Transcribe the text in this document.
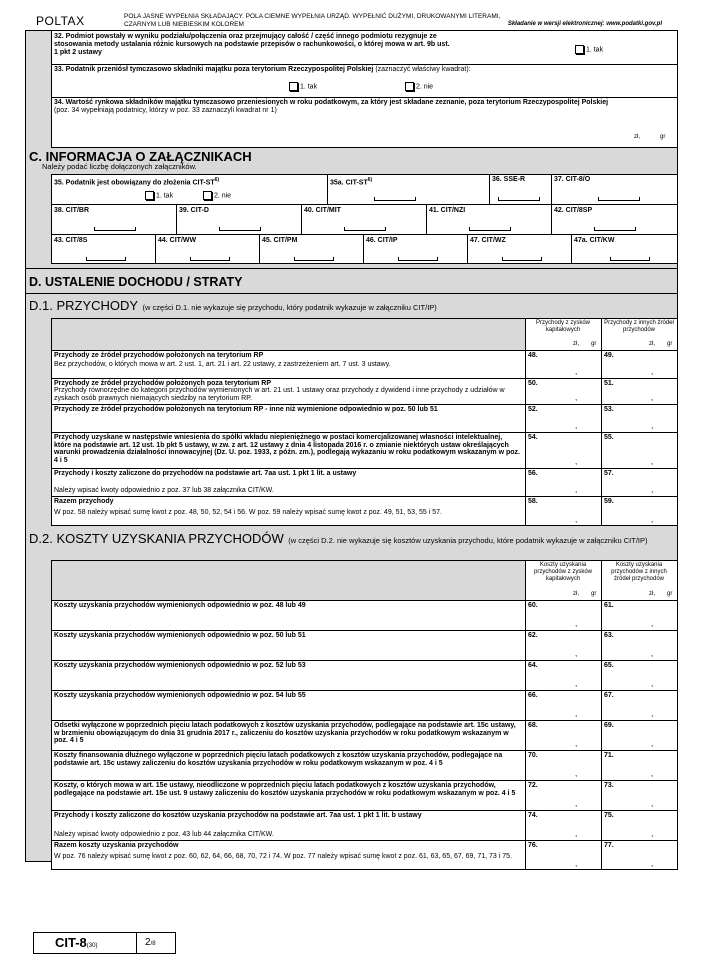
POLTAX	POLA JASNE WYPEŁNIA SKŁADAJĄCY. POLA CIEMNE WYPEŁNIA URZĄD. WYPEŁNIĆ DUŻYMI, DRUKOWANYMI LITERAMI, CZARNYM LUB NIEBIESKIM KOLOREM	Składanie w wersji elektronicznej: www.podatki.gov.pl
32. Podmiot powstały w wyniku podziału/połączenia oraz przejmujący całość / część innego podmiotu rezygnuje ze stosowania metody ustalania różnic kursowych na podstawie przepisów o rachunkowości, o której mowa w art. 9b ust. 1 pkt 2 ustawy	1. tak
33. Podatnik przeniósł tymczasowo składniki majątku poza terytorium Rzeczypospolitej Polskiej (zaznaczyć właściwy kwadrat):
1. tak	2. nie
34. Wartość rynkowa składników majątku tymczasowo przeniesionych w roku podatkowym, za który jest składane zeznanie, poza terytorium Rzeczypospolitej Polskiej (poz. 34 wypełniają podatnicy, którzy w poz. 33 zaznaczyli kwadrat nr 1)
zł,	gr
C. INFORMACJA O ZAŁĄCZNIKACH
Należy podać liczbę dołączonych załączników.
35. Podatnik jest obowiązany do złożenia CIT-ST$^{6)}$
1. tak	2. nie
35a. CIT-ST$^{6)}$	36. SSE-R	37. CIT-8/O
38. CIT/BR	39. CIT-D	40. CIT/MIT	41. CIT/NZI	42. CIT/8SP
43. CIT/8S	44. CIT/WW	45. CIT/PM	46. CIT/IP	47. CIT/WZ	47a. CIT/KW
D. USTALENIE DOCHODU / STRATY
D.1. PRZYCHODY (w części D.1. nie wykazuje się przychodu, który podatnik wykazuje w załączniku CIT/IP)
Przychody z zysków kapitałowych
Przychody z innych źródeł przychodów
zł, gr	zł, gr
Przychody ze źródeł przychodów położonych na terytorium RP
Bez przychodów, o których mowa w art. 2 ust. 1, art. 21 i art. 22 ustawy, z zastrzeżeniem art. 7 ust. 3 ustawy.
48.	49.
,	,
Przychody ze źródeł przychodów położonych poza terytorium RP
Przychody równorzędne do kategorii przychodów wymienionych w art. 21 ust. 1 ustawy oraz przychody z dywidend i inne przychody z udziałów w zyskach osób prawnych niemających siedziby na terytorium RP.
50.	51.
,	,
Przychody ze źródeł przychodów położonych na terytorium RP - inne niż wymienione odpowiednio w poz. 50 lub 51	52.	53.
,	,
Przychody uzyskane w następstwie wniesienia do spółki wkładu niepieniężnego w postaci komercjalizowanej własności intelektualnej, które na podstawie art. 12 ust. 1b pkt 5 ustawy, w zw. z art. 12 ustawy z dnia 4 listopada 2016 r. o zmianie niektórych ustaw określających warunki prowadzenia działalności innowacyjnej (Dz. U. poz. 1933, z późn. zm.), podlegają wykazaniu w roku podatkowym wskazanym w poz. 4 i 5
54.	55.
,	,
Przychody i koszty zaliczone do przychodów na podstawie art. 7aa ust. 1 pkt 1 lit. a ustawy
Należy wpisać kwoty odpowiednio z poz. 37 lub 38 załącznika CIT/KW.
56.	57.
,	,
Razem przychody
W poz. 58 należy wpisać sumę kwot z poz. 48, 50, 52, 54 i 56. W poz. 59 należy wpisać sumę kwot z poz. 49, 51, 53, 55 i 57.
58.	59.
,	,
D.2. KOSZTY UZYSKANIA PRZYCHODÓW (w części D.2. nie wykazuje się kosztów uzyskania przychodu, które podatnik wykazuje w załączniku CIT/IP)
Koszty uzyskania przychodów z zysków kapitałowych
Koszty uzyskania przychodów z innych źródeł przychodów
zł, gr	zł, gr
Koszty uzyskania przychodów wymienionych odpowiednio w poz. 48 lub 49	60.	61.
,	,
Koszty uzyskania przychodów wymienionych odpowiednio w poz. 50 lub 51	62.	63.
,	,
Koszty uzyskania przychodów wymienionych odpowiednio w poz. 52 lub 53	64.	65.
,	,
Koszty uzyskania przychodów wymienionych odpowiednio w poz. 54 lub 55	66.	67.
,	,
Odsetki wyłączone w poprzednich pięciu latach podatkowych z kosztów uzyskania przychodów, podlegające na podstawie art. 15c ustawy, w brzmieniu obowiązującym do dnia 31 grudnia 2017 r., zaliczeniu do kosztów uzyskania przychodów w roku podatkowym wskazanym w poz. 4 i 5
68.	69.
,	,
Koszty finansowania dłużnego wyłączone w poprzednich pięciu latach podatkowych z kosztów uzyskania przychodów, podlegające na podstawie art. 15c ustawy zaliczeniu do kosztów uzyskania przychodów w roku podatkowym wskazanym w poz. 4 i 5
70.	71.
,	,
Koszty, o których mowa w art. 15e ustawy, nieodliczone w poprzednich pięciu latach podatkowych z kosztów uzyskania przychodów, podlegające na podstawie art. 15e ust. 9 ustawy zaliczeniu do kosztów uzyskania przychodów w roku podatkowym wskazanym w poz. 4 i 5
72.	73.
,	,
Przychody i koszty zaliczone do kosztów uzyskania przychodów na podstawie art. 7aa ust. 1 pkt 1 lit. b ustawy
Należy wpisać kwoty odpowiednio z poz. 43 lub 44 załącznika CIT/KW.
74.	75.
,	,
Razem koszty uzyskania przychodów
W poz. 76 należy wpisać sumę kwot z poz. 60, 62, 64, 66, 68, 70, 72 i 74. W poz. 77 należy wpisać sumę kwot z poz. 61, 63, 65, 67, 69, 71, 73 i 75.
76.	77.
,	,
CIT-8(30)	2/8
